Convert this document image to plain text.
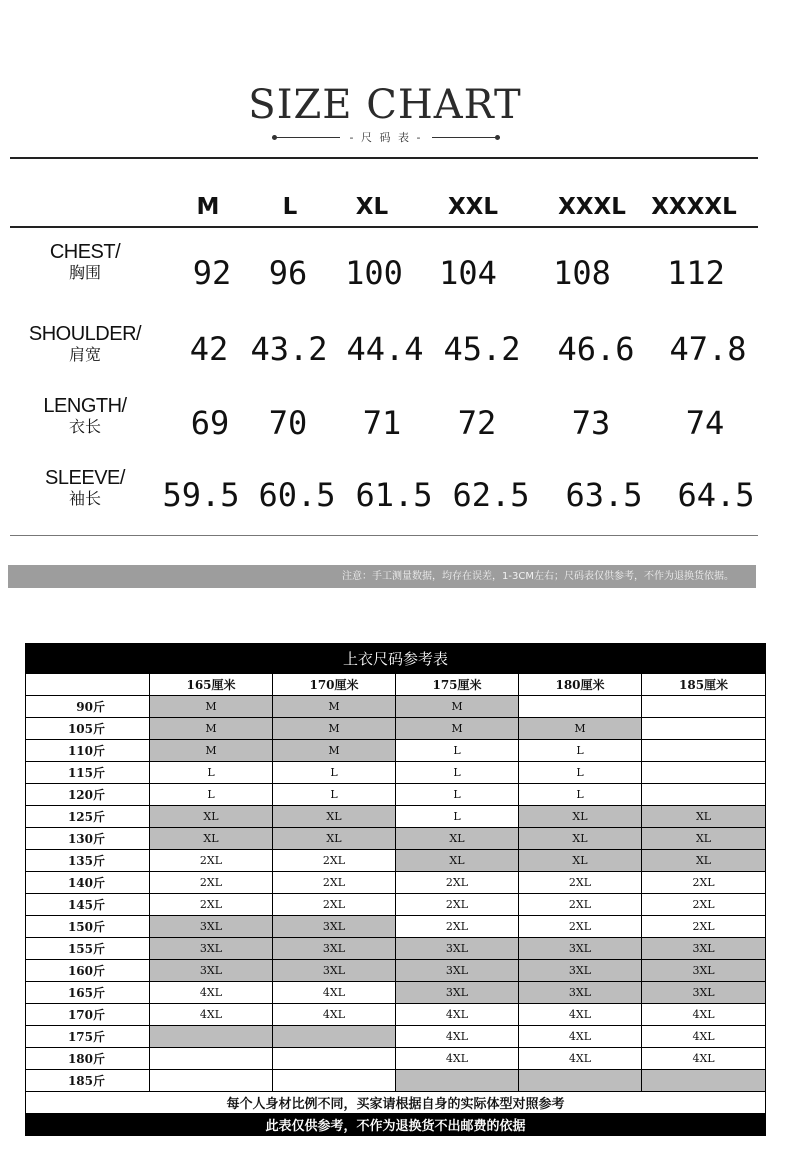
SIZE CHART
- 尺 码 表 -
M	L	XL	XXL	XXXL	XXXXL
CHEST/
胸围	92	96	100	104	108	112
SHOULDER/
肩宽	42 43.2 44.4 45.2	46.6	47.8
LENGTH/
衣长	69	70	71	72	73	74
SLEEVE/
袖长	59.5 60.5 61.5 62.5	63.5	64.5
注意：手工测量数据，均存在误差，1-3CM左右；尺码表仅供参考，不作为退换货依据。
上衣尺码参考表					
	165厘米	170厘米	175厘米	180厘米	185厘米
90斤	M	M	M		
105斤	M	M	M	M	
110斤	M	M	L	L	
115斤	L	L	L	L	
120斤	L	L	L	L	
125斤	XL	XL	L	XL	XL
130斤	XL	XL	XL	XL	XL
135斤	2XL	2XL	XL	XL	XL
140斤	2XL	2XL	2XL	2XL	2XL
145斤	2XL	2XL	2XL	2XL	2XL
150斤	3XL	3XL	2XL	2XL	2XL
155斤	3XL	3XL	3XL	3XL	3XL
160斤	3XL	3XL	3XL	3XL	3XL
165斤	4XL	4XL	3XL	3XL	3XL
170斤	4XL	4XL	4XL	4XL	4XL
175斤			4XL	4XL	4XL
180斤			4XL	4XL	4XL
185斤					
每个人身材比例不同，买家请根据自身的实际体型对照参考					
此表仅供参考，不作为退换货不出邮费的依据					
